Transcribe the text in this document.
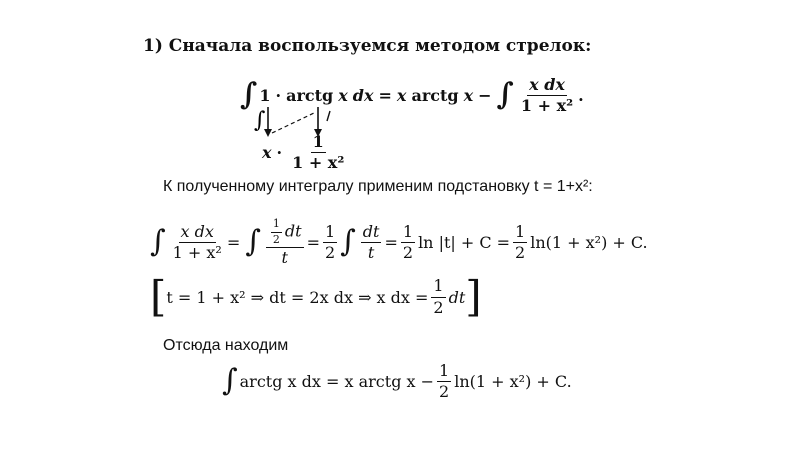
1) Сначала воспользуемся методом стрелок:
∫ 1 · arctg x dx = x arctg x − ∫ $\frac{\text{x dx}}{\text{1 + x²}}$ .
∫
$x \cdot \frac{1}{\text{1 + x²}}$
К полученному интегралу применим подстановку t = 1+x²:
∫ $\frac{\text{x dx}}{\text{1 + x²}}$ = ∫ $\frac{\frac{1}{2} dt}{t} = \frac{1}{2}$ ∫ $\frac{dt}{t} = \frac{1}{2}$ $\ln |t| + C = \frac{1}{2} \ln(1 + x^2) + C$.
[ t = 1 + x² ⇒ dt = 2x dx ⇒ x dx = $\frac{1}{2}$ dt ]
Отсюда находим
∫ arctg x dx = x arctg $x - \frac{1}{2} \ln(1 + x^2) + C$.
